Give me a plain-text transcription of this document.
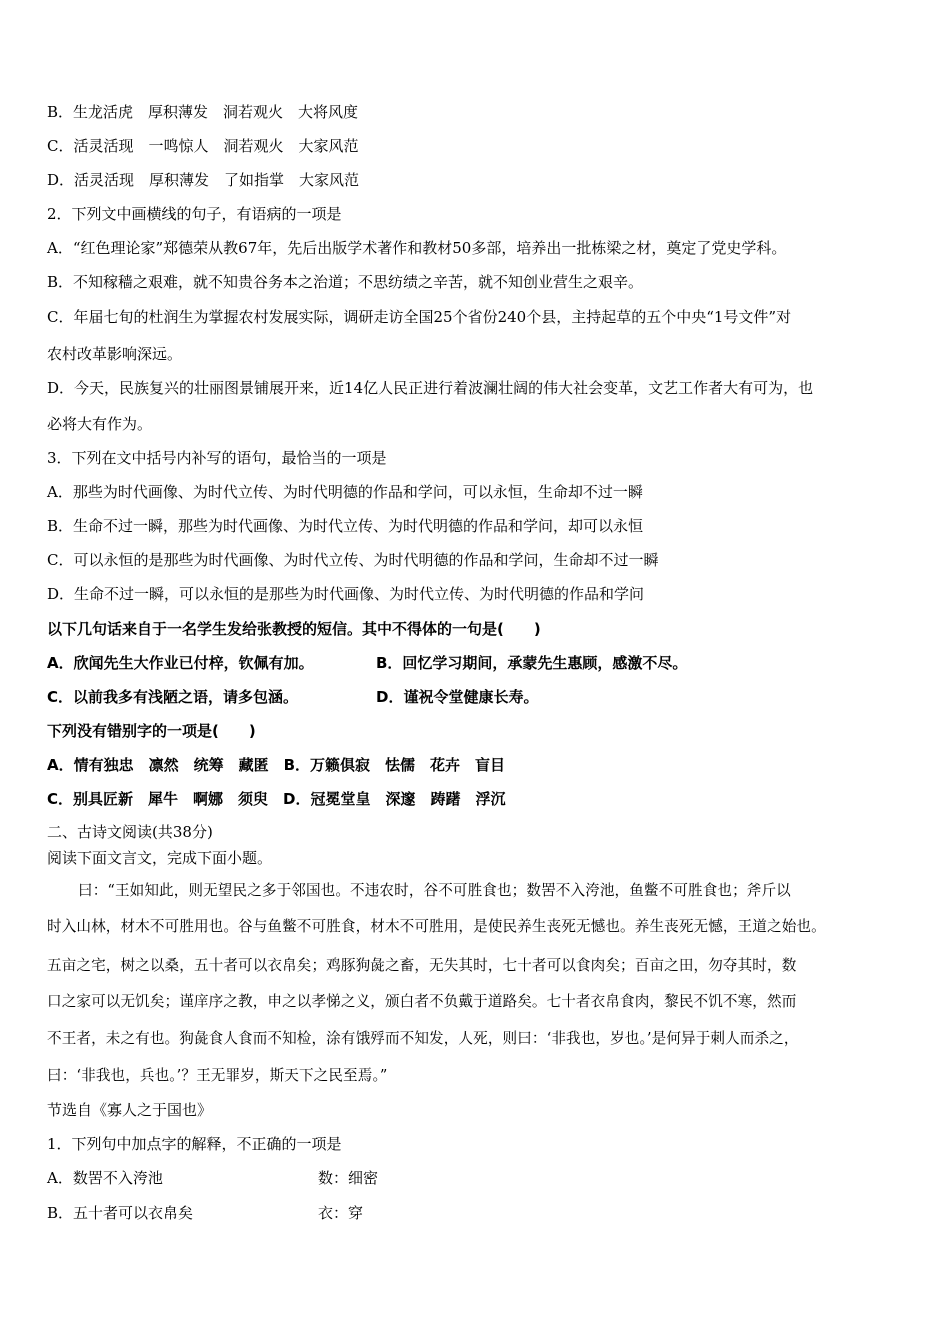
B．生龙活虎　厚积薄发　洞若观火　大将风度
C．活灵活现　一鸣惊人　洞若观火　大家风范
D．活灵活现　厚积薄发　了如指掌　大家风范
2．下列文中画横线的句子，有语病的一项是
A．“红色理论家”郑德荣从教67年，先后出版学术著作和教材50多部，培养出一批栋梁之材，奠定了党史学科。
B．不知稼穑之艰难，就不知贵谷务本之治道；不思纺绩之辛苦，就不知创业营生之艰辛。
C．年届七旬的杜润生为掌握农村发展实际，调研走访全国25个省份240个县，主持起草的五个中央“1号文件”对
农村改革影响深远。
D．今天，民族复兴的壮丽图景铺展开来，近14亿人民正进行着波澜壮阔的伟大社会变革，文艺工作者大有可为，也
必将大有作为。
3．下列在文中括号内补写的语句，最恰当的一项是
A．那些为时代画像、为时代立传、为时代明德的作品和学问，可以永恒，生命却不过一瞬
B．生命不过一瞬，那些为时代画像、为时代立传、为时代明德的作品和学问，却可以永恒
C．可以永恒的是那些为时代画像、为时代立传、为时代明德的作品和学问，生命却不过一瞬
D．生命不过一瞬，可以永恒的是那些为时代画像、为时代立传、为时代明德的作品和学问
以下几句话来自于一名学生发给张教授的短信。其中不得体的一句是(　　)
A．欣闻先生大作业已付梓，钦佩有加。	B．回忆学习期间，承蒙先生惠顾，感激不尽。
C．以前我多有浅陋之语，请多包涵。	D．谨祝令堂健康长寿。
下列没有错别字的一项是(　　)
A．情有独忠　凛然　统筹　藏匿　B．万籁俱寂　怯儒　花卉　盲目
C．别具匠新　犀牛　啊娜　须臾　D．冠冕堂皇　深邃　踌躇　浮沉
二、古诗文阅读(共38分)
阅读下面文言文，完成下面小题。
曰：“王如知此，则无望民之多于邻国也。不违农时，谷不可胜食也；数罟不入洿池，鱼鳖不可胜食也；斧斤以
时入山林，材木不可胜用也。谷与鱼鳖不可胜食，材木不可胜用，是使民养生丧死无憾也。养生丧死无憾，王道之始也。
五亩之宅，树之以桑，五十者可以衣帛矣；鸡豚狗彘之畜，无失其时，七十者可以食肉矣；百亩之田，勿夺其时，数
口之家可以无饥矣；谨庠序之教，申之以孝悌之义，颁白者不负戴于道路矣。七十者衣帛食肉，黎民不饥不寒，然而
不王者，未之有也。狗彘食人食而不知检，涂有饿殍而不知发，人死，则曰：‘非我也，岁也。’是何异于刺人而杀之，
曰：‘非我也，兵也。’？王无罪岁，斯天下之民至焉。”
节选自《寡人之于国也》
1．下列句中加点字的解释，不正确的一项是
A．数罟不入洿池	数：细密
B．五十者可以衣帛矣	衣：穿
